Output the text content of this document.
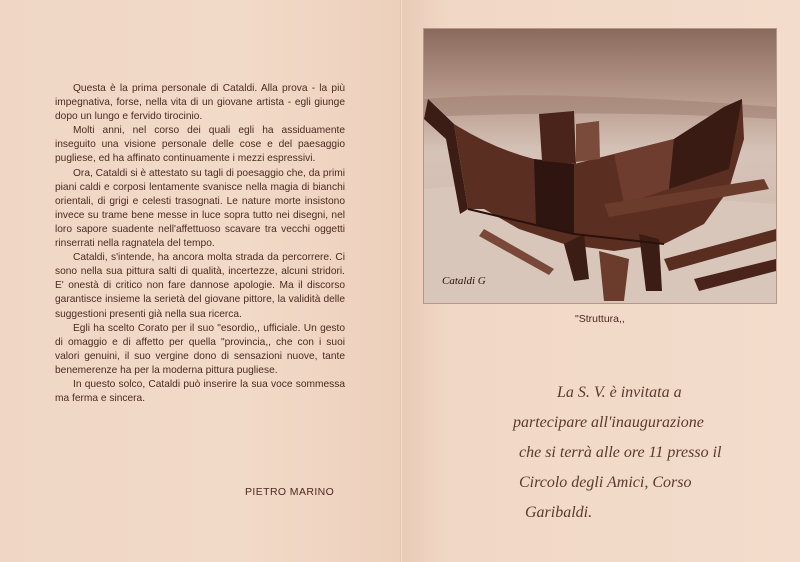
Questa è la prima personale di Cataldi. Alla prova - la più impegnativa, forse, nella vita di un giovane artista - egli giunge dopo un lungo e fervido tirocinio.

Molti anni, nel corso dei quali egli ha assiduamente inseguito una visione personale delle cose e del paesaggio pugliese, ed ha affinato continuamente i mezzi espressivi.

Ora, Cataldi si è attestato su tagli di poesaggio che, da primi piani caldi e corposi lentamente svanisce nella magia di bianchi orientali, di grigi e celesti trasognati. Le nature morte insistono invece su trame bene messe in luce sopra tutto nei disegni, nel loro sapore suadente nell'affettuoso scavare tra vecchi oggetti rinserrati nella ragnatela del tempo.

Cataldi, s'intende, ha ancora molta strada da percorrere. Ci sono nella sua pittura salti di qualità, incertezze, alcuni stridori. E' onestà di critico non fare dannose apologie. Ma il discorso garantisce insieme la serietà del giovane pittore, la validità delle suggestioni presenti già nella sua ricerca.

Egli ha scelto Corato per il suo "esordio,, ufficiale. Un gesto di omaggio e di affetto per quella "provincia,, che con i suoi valori genuini, il suo vergine dono di sensazioni nuove, tante benemerenze ha per la moderna pittura pugliese.

In questo solco, Cataldi può inserire la sua voce sommessa ma ferma e sincera.

PIETRO MARINO
Cataldi G
"Struttura,,
La S. V. è invitata a
partecipare all'inaugurazione
che si terrà alle ore 11 presso il
Circolo degli Amici, Corso
Garibaldi.
